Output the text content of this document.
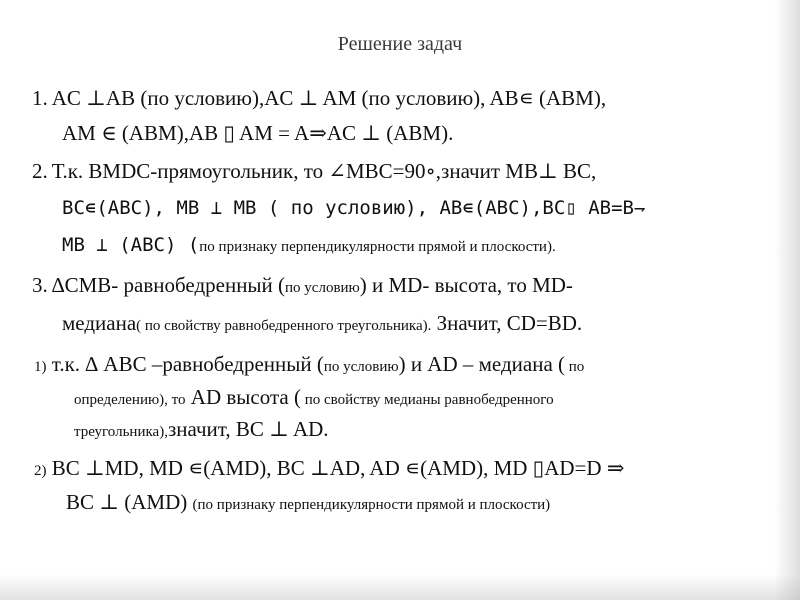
Решение задач
1. AC ⊥AB (по условию),AC ⊥ AM (по условию), AB∊ (ABM),
AM ∈ (ABM),AB ▯ AM = A⇒AC ⊥ (ABM).
2. Т.к. BMDC-прямоугольник, то ∠MBC=90∘,значит MB⊥ BC,
BC∊(ABC), MB ⊥ MB ( по условию), AB∊(ABC),BC▯ AB=B⇁
MB ⊥ (ABC) (по признаку перпендикулярности прямой и плоскости).
3. ∆CMB- равнобедренный (по условию) и MD- высота, то MD-
медиана( по свойству равнобедренного треугольника). Значит, CD=BD.
1) т.к. ∆ ABC –равнобедренный (по условию) и AD – медиана ( по
определению), то AD высота ( по свойству медианы равнобедренного
треугольника),значит, BC ⊥ AD.
2) BC ⊥MD, MD ∊(AMD), BC ⊥AD, AD ∊(AMD), MD ▯AD=D ⇒
BC ⊥ (AMD) (по признаку перпендикулярности прямой и плоскости)
